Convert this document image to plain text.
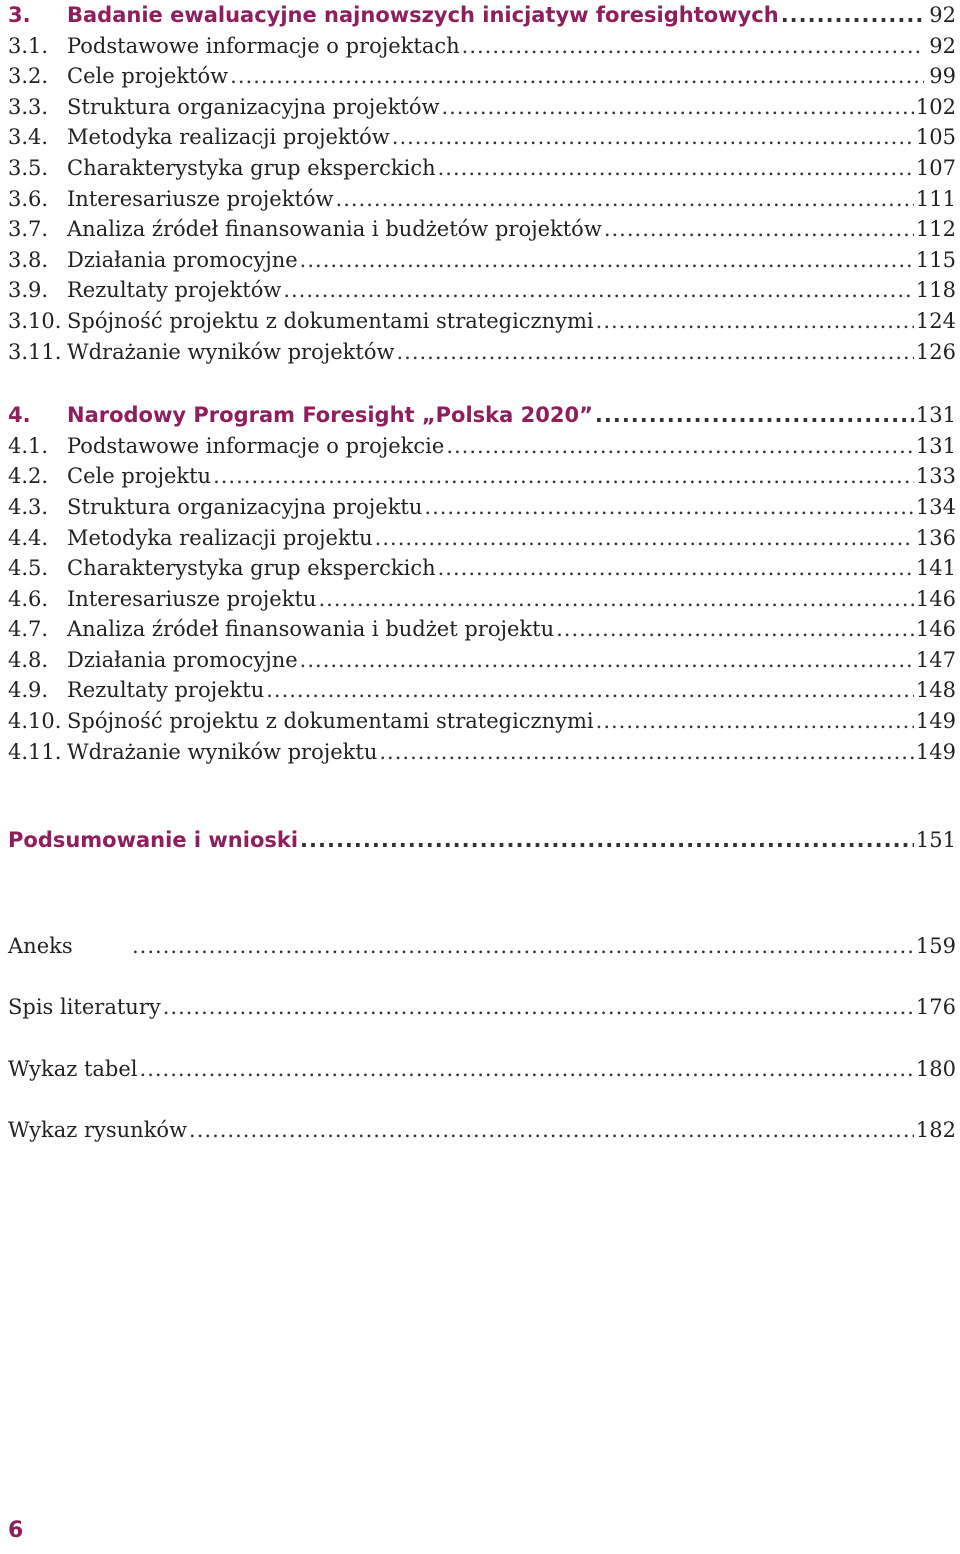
3.	Badanie ewaluacyjne najnowszych inicjatyw foresightowych .....	92
3.1. Podstawowe informacje o projektach .....	92
3.2. Cele projektów .....	99
3.3. Struktura organizacyjna projektów .....	102
3.4. Metodyka realizacji projektów .....	105
3.5. Charakterystyka grup eksperckich .....	107
3.6. Interesariusze projektów .....	111
3.7. Analiza źródeł finansowania i budżetów projektów .....	112
3.8. Działania promocyjne .....	115
3.9. Rezultaty projektów .....	118
3.10. Spójność projektu z dokumentami strategicznymi .....	124
3.11. Wdrażanie wyników projektów .....	126
4.	Narodowy Program Foresight „Polska 2020” .....	131
4.1. Podstawowe informacje o projekcie .....	131
4.2. Cele projektu .....	133
4.3. Struktura organizacyjna projektu .....	134
4.4. Metodyka realizacji projektu .....	136
4.5. Charakterystyka grup eksperckich .....	141
4.6. Interesariusze projektu .....	146
4.7. Analiza źródeł finansowania i budżet projektu .....	146
4.8. Działania promocyjne .....	147
4.9. Rezultaty projektu .....	148
4.10. Spójność projektu z dokumentami strategicznymi .....	149
4.11. Wdrażanie wyników projektu .....	149
Podsumowanie i wnioski .....	151
Aneks .....	159
Spis literatury .....	176
Wykaz tabel .....	180
Wykaz rysunków .....	182
6
